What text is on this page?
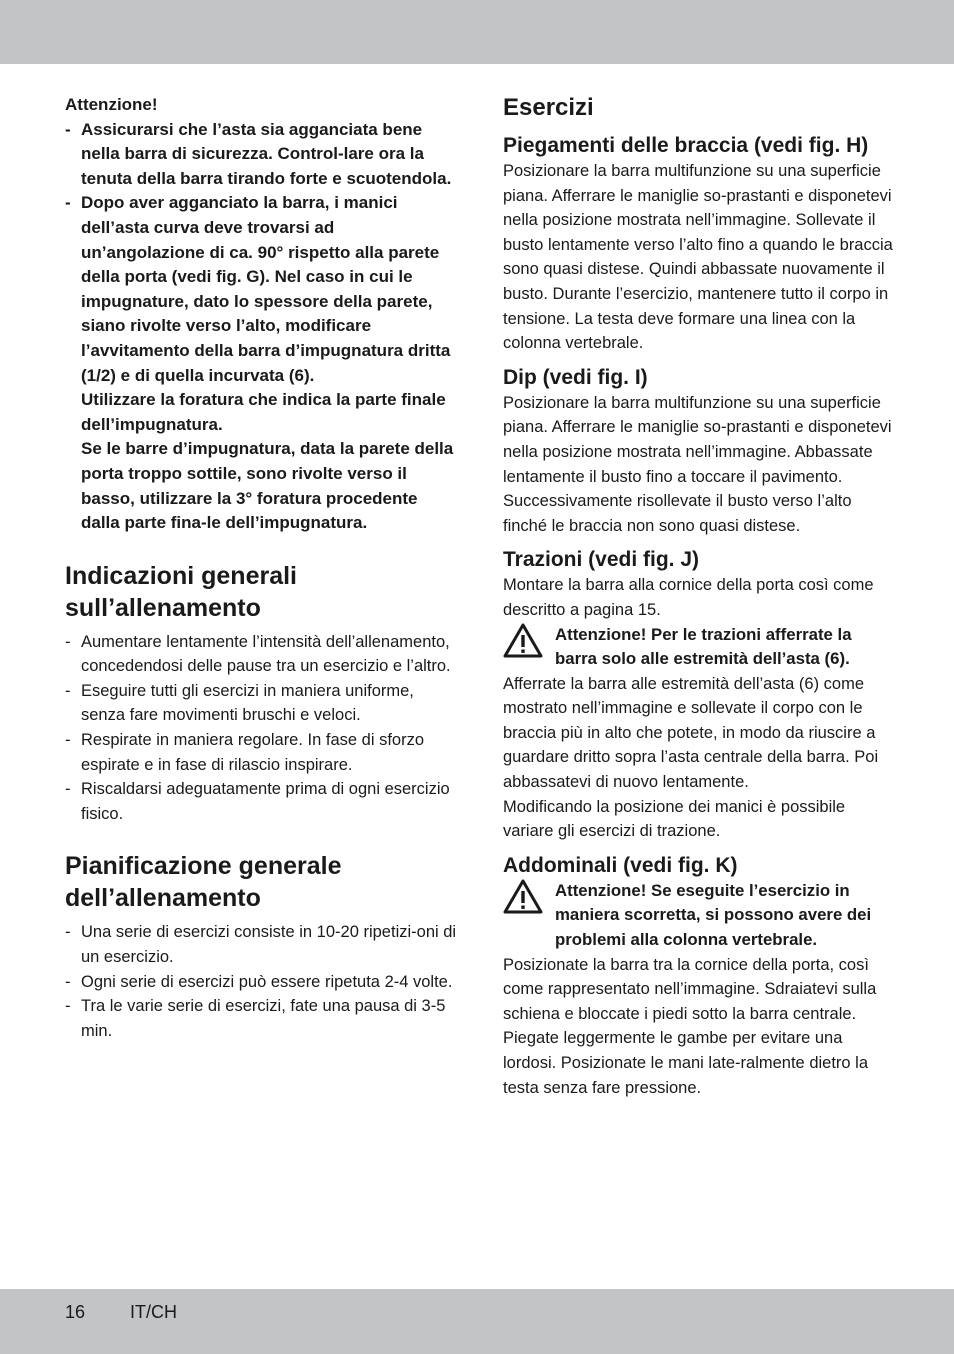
Attenzione!

- Assicurarsi che l’asta sia agganciata bene nella barra di sicurezza. Control-lare ora la tenuta della barra tirando forte e scuotendola.
- Dopo aver agganciato la barra, i manici dell’asta curva deve trovarsi ad un’angolazione di ca. 90° rispetto alla parete della porta (vedi fig. G). Nel caso in cui le impugnature, dato lo spessore della parete, siano rivolte verso l’alto, modificare l’avvitamento della barra d’impugnatura dritta (1/2) e di quella incurvata (6).
Utilizzare la foratura che indica la parte finale dell’impugnatura.
Se le barre d’impugnatura, data la parete della porta troppo sottile, sono rivolte verso il basso, utilizzare la 3° foratura procedente dalla parte fina-le dell’impugnatura.
Indicazioni generali sull’allenamento
- Aumentare lentamente l’intensità dell’allenamento, concedendosi delle pause tra un esercizio e l’altro.
- Eseguire tutti gli esercizi in maniera uniforme, senza fare movimenti bruschi e veloci.
- Respirate in maniera regolare. In fase di sforzo espirate e in fase di rilascio inspirare.
- Riscaldarsi adeguatamente prima di ogni esercizio fisico.
Pianificazione generale dell’allenamento
- Una serie di esercizi consiste in 10-20 ripetizi-oni di un esercizio.
- Ogni serie di esercizi può essere ripetuta 2-4 volte.
- Tra le varie serie di esercizi, fate una pausa di 3-5 min.
Esercizi
Piegamenti delle braccia (vedi fig. H)

Posizionare la barra multifunzione su una superficie piana. Afferrare le maniglie so-prastanti e disponetevi nella posizione mostrata nell’immagine. Sollevate il busto lentamente verso l’alto fino a quando le braccia sono quasi distese. Quindi abbassate nuovamente il busto. Durante l’esercizio, mantenere tutto il corpo in tensione. La testa deve formare una linea con la colonna vertebrale.

Dip (vedi fig. I)

Posizionare la barra multifunzione su una superficie piana. Afferrare le maniglie so-prastanti e disponetevi nella posizione mostrata nell’immagine. Abbassate lentamente il busto fino a toccare il pavimento.

Successivamente risollevate il busto verso l’alto finché le braccia non sono quasi distese.

Trazioni (vedi fig. J)

Montare la barra alla cornice della porta così come descritto a pagina 15.

Attenzione! Per le trazioni afferrate la barra solo alle estremità dell’asta (6).

Afferrate la barra alle estremità dell’asta (6) come mostrato nell’immagine e sollevate il corpo con le braccia più in alto che potete, in modo da riuscire a guardare dritto sopra l’asta centrale della barra. Poi abbassatevi di nuovo lentamente.

Modificando la posizione dei manici è possibile variare gli esercizi di trazione.

Addominali (vedi fig. K)
Attenzione! Se eseguite l’esercizio in maniera scorretta, si possono avere dei problemi alla colonna vertebrale.

Posizionate la barra tra la cornice della porta, così come rappresentato nell’immagine. Sdraiatevi sulla schiena e bloccate i piedi sotto la barra centrale. Piegate leggermente le gambe per evitare una lordosi. Posizionate le mani late-ralmente dietro la testa senza fare pressione.

16 IT/CH
